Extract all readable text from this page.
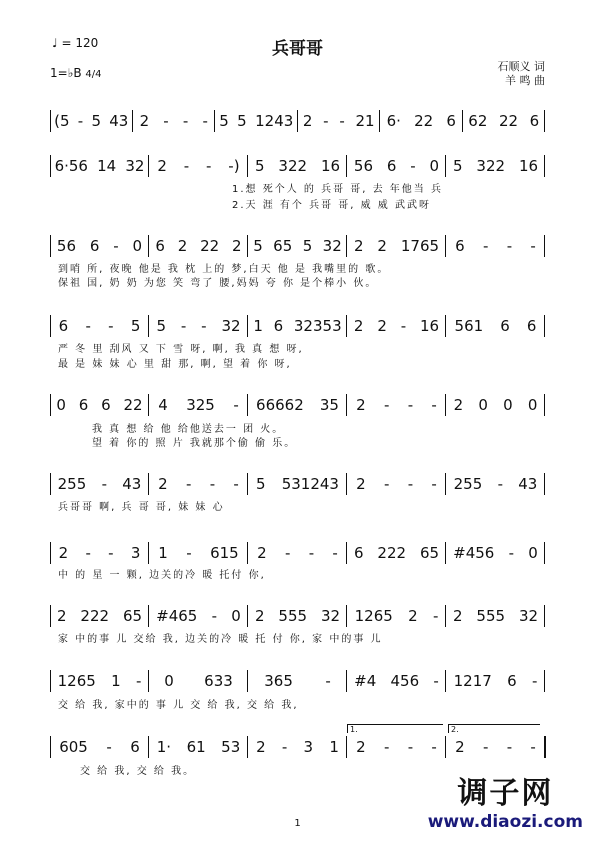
♩ = 120	兵哥哥
1=♭B 4/4
石顺义 词
羊 鸣 曲
(5 - 5 43 2 - - - 5 5 1243 2 - - 21 6· 22 6 62 22 6
6·56 14 32 2 - - -) 5 322 16 56 6 - 0 5 322 16
56 6 - 0 6 2 22 2 5 65 5 32 2 2 1765 6 - - -
6 - - 5 5 - - 32 1 6 32353 2 2 - 16 561 6 6
0 6 6 22 4 325 - 66662 35 2 - - - 2 0 0 0
255 - 43 2 - - - 5 531243 2 - - - 255 - 43
2 - - 3 1 - 615 2 - - - 6 222 65 #456 - 0
2 222 65 #465 - 0 2 555 32 1265 2 - 2 555 32
1265 1 - 0 633 365 - #4 456 - 1217 6 -
605 - 6 1· 61 53 2 - 3 1 2 - - - 2 - - -
1.	2.
1.想 死个人 的 兵哥 哥, 去 年他当 兵
2.天 涯 有个 兵哥 哥, 威 威 武武呀
到哨 所, 夜晚 他是 我 枕 上的 梦,白天 他 是 我嘴里的 歌。
保祖 国, 奶 奶 为您 笑 弯了 腰,妈妈 夸 你 是个棒小 伙。
严 冬 里 刮风 又 下 雪 呀, 啊, 我 真 想 呀,
最 是 妹 妹 心 里 甜 那, 啊, 望 着 你 呀,
我 真 想 给 他 给他送去一 团 火。
望 着 你的 照 片 我就那个偷 偷 乐。
兵哥哥 啊, 兵 哥 哥, 妹 妹 心
中 的 星 一 颗, 边关的冷 暖 托付 你,
家 中的事 儿 交给 我, 边关的冷 暖 托 付 你, 家 中的事 儿
交 给 我, 家中的 事 儿 交 给 我, 交 给 我,
交 给 我, 交 给 我。
1
调子网
www.diaozi.com
